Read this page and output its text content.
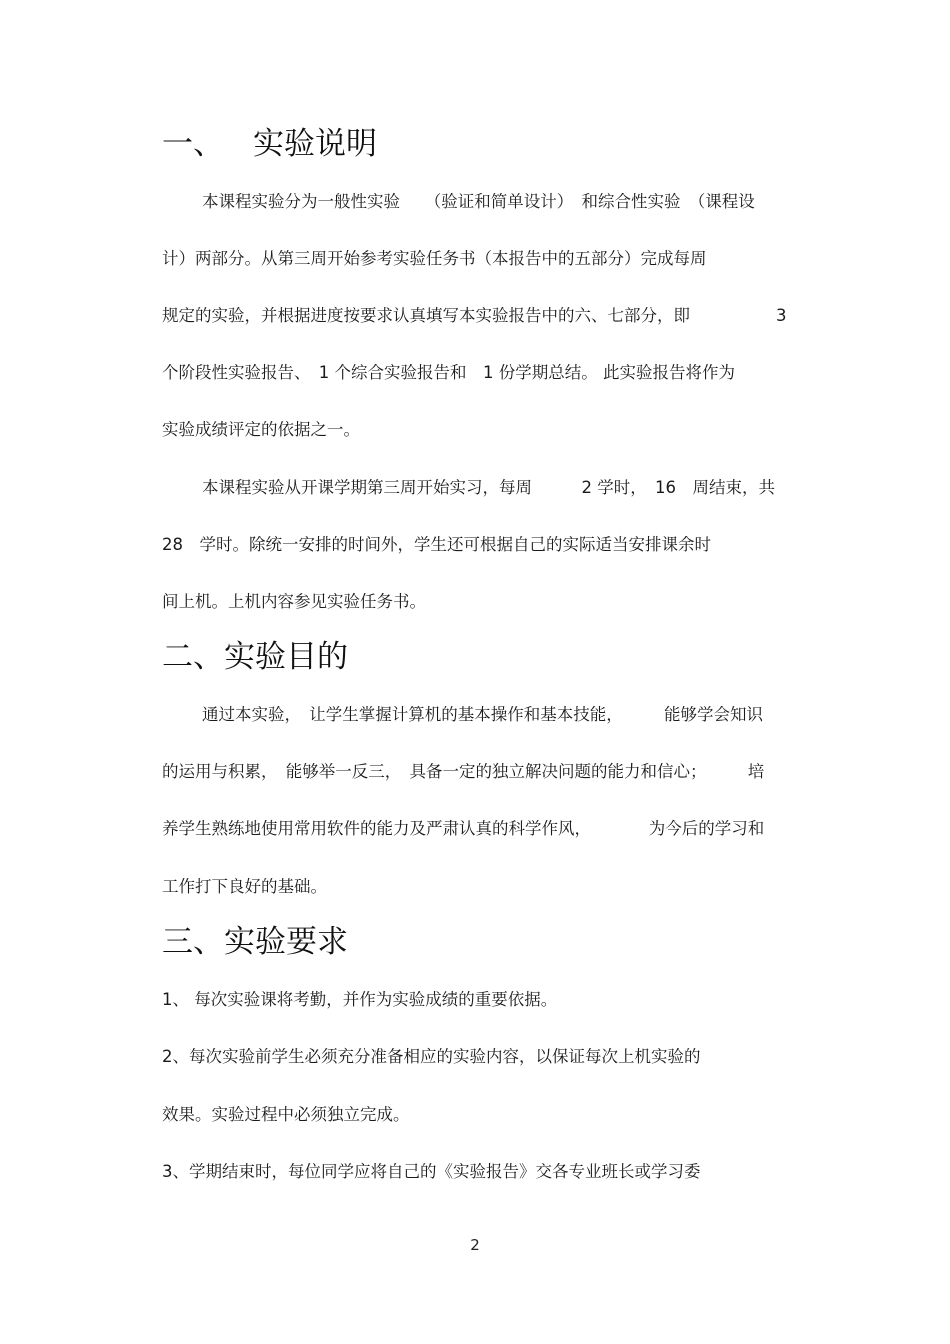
一、 实验说明
本课程实验分为一般性实验　　（验证和简单设计）　和综合性实验　（课程设
计）两部分。从第三周开始参考实验任务书（本报告中的五部分）完成每周
规定的实验，并根据进度按要求认真填写本实验报告中的六、七部分，即	3
个阶段性实验报告、　1 个综合实验报告和　1 份学期总结。 此实验报告将作为
实验成绩评定的依据之一。
本课程实验从开课学期第三周开始实习，每周　　　2 学时，　16　周结束，共
28　学时。除统一安排的时间外，学生还可根据自己的实际适当安排课余时
间上机。上机内容参见实验任务书。
二、实验目的
通过本实验，　让学生掌握计算机的基本操作和基本技能，　　　能够学会知识
的运用与积累，　能够举一反三，　具备一定的独立解决问题的能力和信心；　　　培
养学生熟练地使用常用软件的能力及严肃认真的科学作风，　　　　为今后的学习和
工作打下良好的基础。
三、实验要求
1、 每次实验课将考勤，并作为实验成绩的重要依据。
2、每次实验前学生必须充分准备相应的实验内容，以保证每次上机实验的
效果。实验过程中必须独立完成。
3、学期结束时，每位同学应将自己的《实验报告》交各专业班长或学习委
2
